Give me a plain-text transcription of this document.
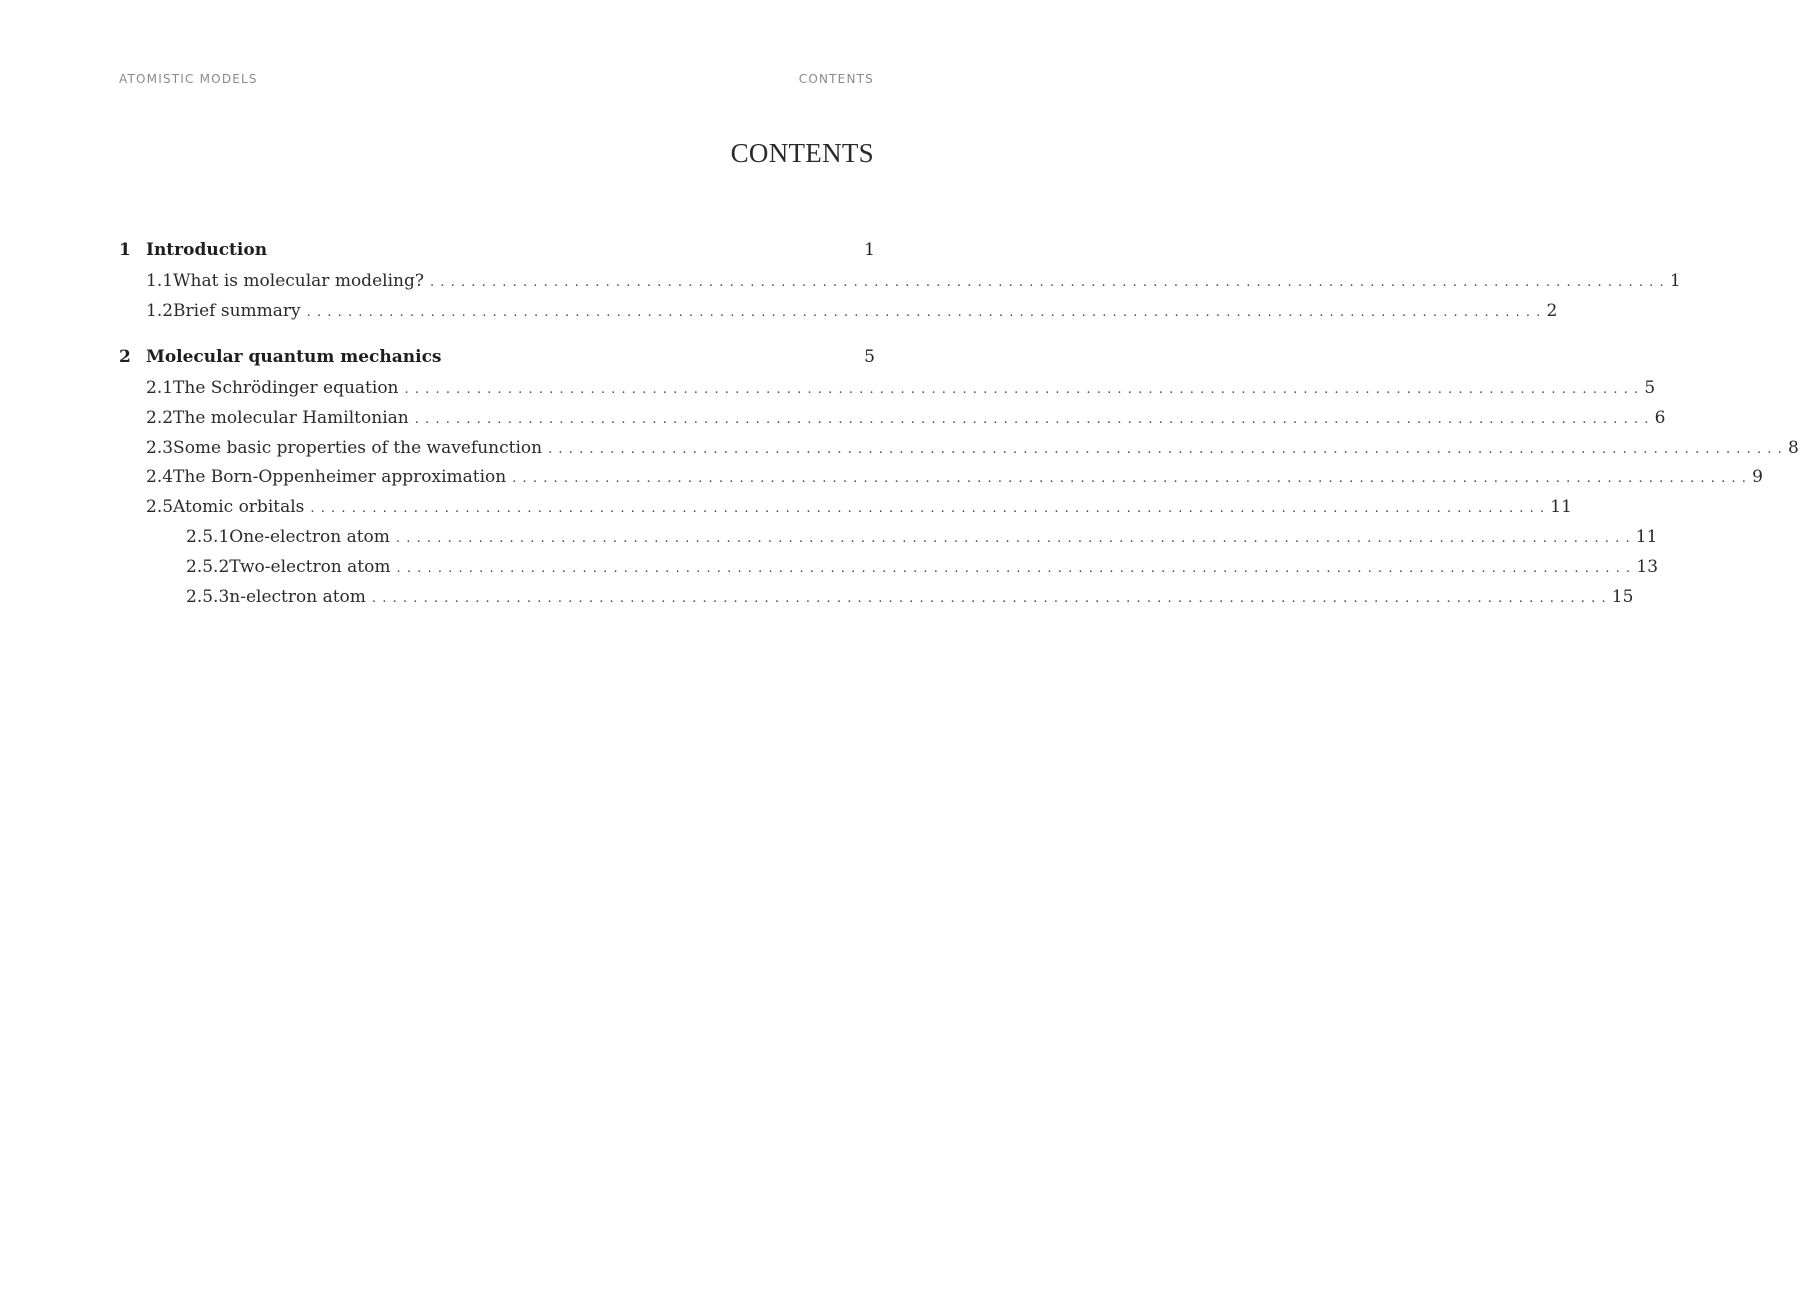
ATOMISTIC MODELS	CONTENTS
CONTENTS
1 Introduction	1
1.1 What is molecular modeling? ........................................................................................................................ 1
1.2 Brief summary ........................................................................................................................ 2
2 Molecular quantum mechanics	5
2.1 The Schrödinger equation ........................................................................................................................ 5
2.2 The molecular Hamiltonian ........................................................................................................................ 6
2.3 Some basic properties of the wavefunction ........................................................................................................................ 8
2.4 The Born-Oppenheimer approximation ........................................................................................................................ 9
2.5 Atomic orbitals ........................................................................................................................ 11
2.5.1 One-electron atom ........................................................................................................................ 11
2.5.2 Two-electron atom ........................................................................................................................ 13
2.5.3 n-electron atom ........................................................................................................................ 15
